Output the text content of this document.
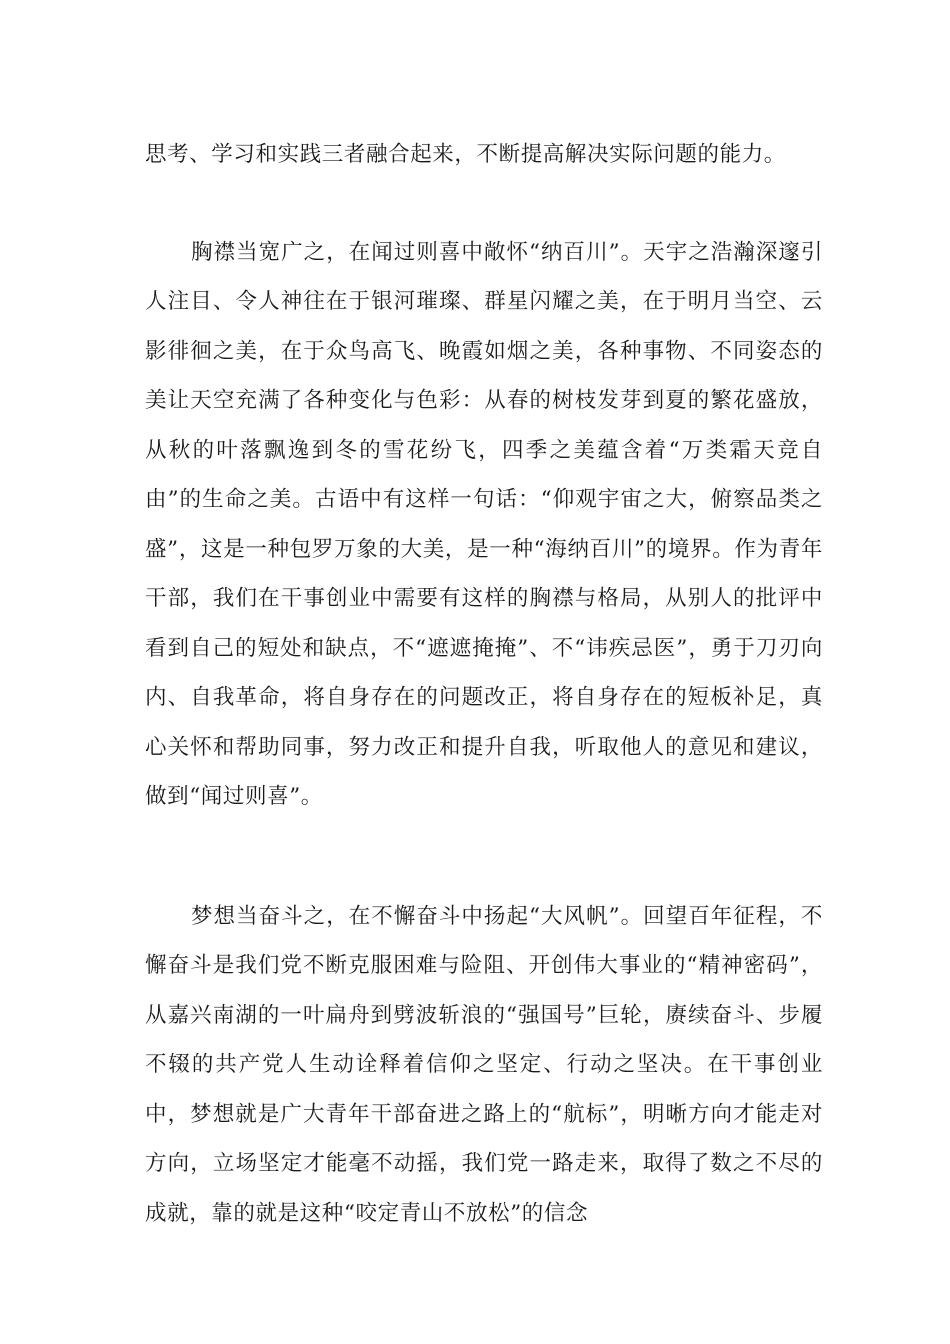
思考、学习和实践三者融合起来，不断提高解决实际问题的能力。

胸襟当宽广之，在闻过则喜中敞怀“纳百川”。天宇之浩瀚深邃引人注目、令人神往在于银河璀璨、群星闪耀之美，在于明月当空、云影徘徊之美，在于众鸟高飞、晚霞如烟之美，各种事物、不同姿态的美让天空充满了各种变化与色彩：从春的树枝发芽到夏的繁花盛放，从秋的叶落飘逸到冬的雪花纷飞，四季之美蕴含着“万类霜天竞自由”的生命之美。古语中有这样一句话：“仰观宇宙之大，俯察品类之盛”，这是一种包罗万象的大美，是一种“海纳百川”的境界。作为青年干部，我们在干事创业中需要有这样的胸襟与格局，从别人的批评中看到自己的短处和缺点，不“遮遮掩掩”、不“讳疾忌医”，勇于刀刃向内、自我革命，将自身存在的问题改正，将自身存在的短板补足，真心关怀和帮助同事，努力改正和提升自我，听取他人的意见和建议，做到“闻过则喜”。

梦想当奋斗之，在不懈奋斗中扬起“大风帆”。回望百年征程，不懈奋斗是我们党不断克服困难与险阻、开创伟大事业的“精神密码”，从嘉兴南湖的一叶扁舟到劈波斩浪的“强国号”巨轮，赓续奋斗、步履不辍的共产党人生动诠释着信仰之坚定、行动之坚决。在干事创业中，梦想就是广大青年干部奋进之路上的“航标”，明晰方向才能走对方向，立场坚定才能毫不动摇，我们党一路走来，取得了数之不尽的成就，靠的就是这种“咬定青山不放松”的信念
